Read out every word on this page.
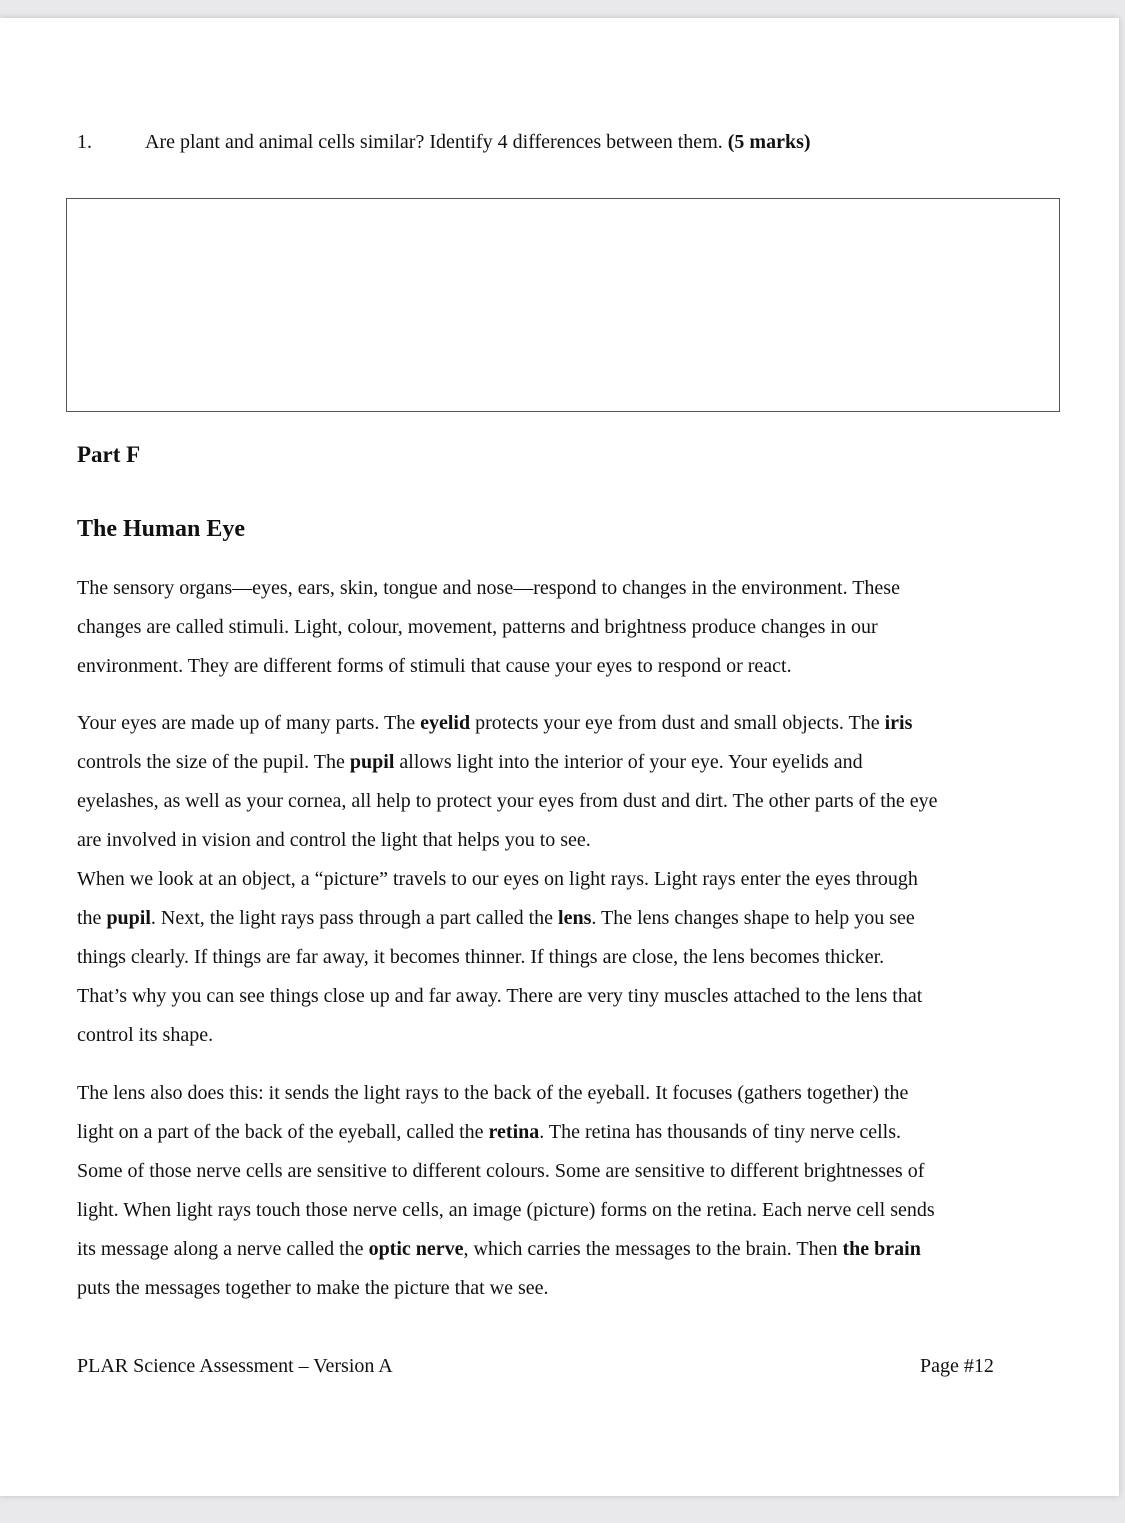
1.	Are plant and animal cells similar? Identify 4 differences between them. (5 marks)
Part F
The Human Eye

The sensory organs—eyes, ears, skin, tongue and nose—respond to changes in the environment. These
changes are called stimuli. Light, colour, movement, patterns and brightness produce changes in our
environment. They are different forms of stimuli that cause your eyes to respond or react.

Your eyes are made up of many parts. The eyelid protects your eye from dust and small objects. The iris
controls the size of the pupil. The pupil allows light into the interior of your eye. Your eyelids and
eyelashes, as well as your cornea, all help to protect your eyes from dust and dirt. The other parts of the eye
are involved in vision and control the light that helps you to see.
When we look at an object, a “picture” travels to our eyes on light rays. Light rays enter the eyes through
the pupil. Next, the light rays pass through a part called the lens. The lens changes shape to help you see
things clearly. If things are far away, it becomes thinner. If things are close, the lens becomes thicker.
That’s why you can see things close up and far away. There are very tiny muscles attached to the lens that
control its shape.

The lens also does this: it sends the light rays to the back of the eyeball. It focuses (gathers together) the
light on a part of the back of the eyeball, called the retina. The retina has thousands of tiny nerve cells.
Some of those nerve cells are sensitive to different colours. Some are sensitive to different brightnesses of
light. When light rays touch those nerve cells, an image (picture) forms on the retina. Each nerve cell sends
its message along a nerve called the optic nerve, which carries the messages to the brain. Then the brain
puts the messages together to make the picture that we see.

PLAR Science Assessment – Version A	Page #12
